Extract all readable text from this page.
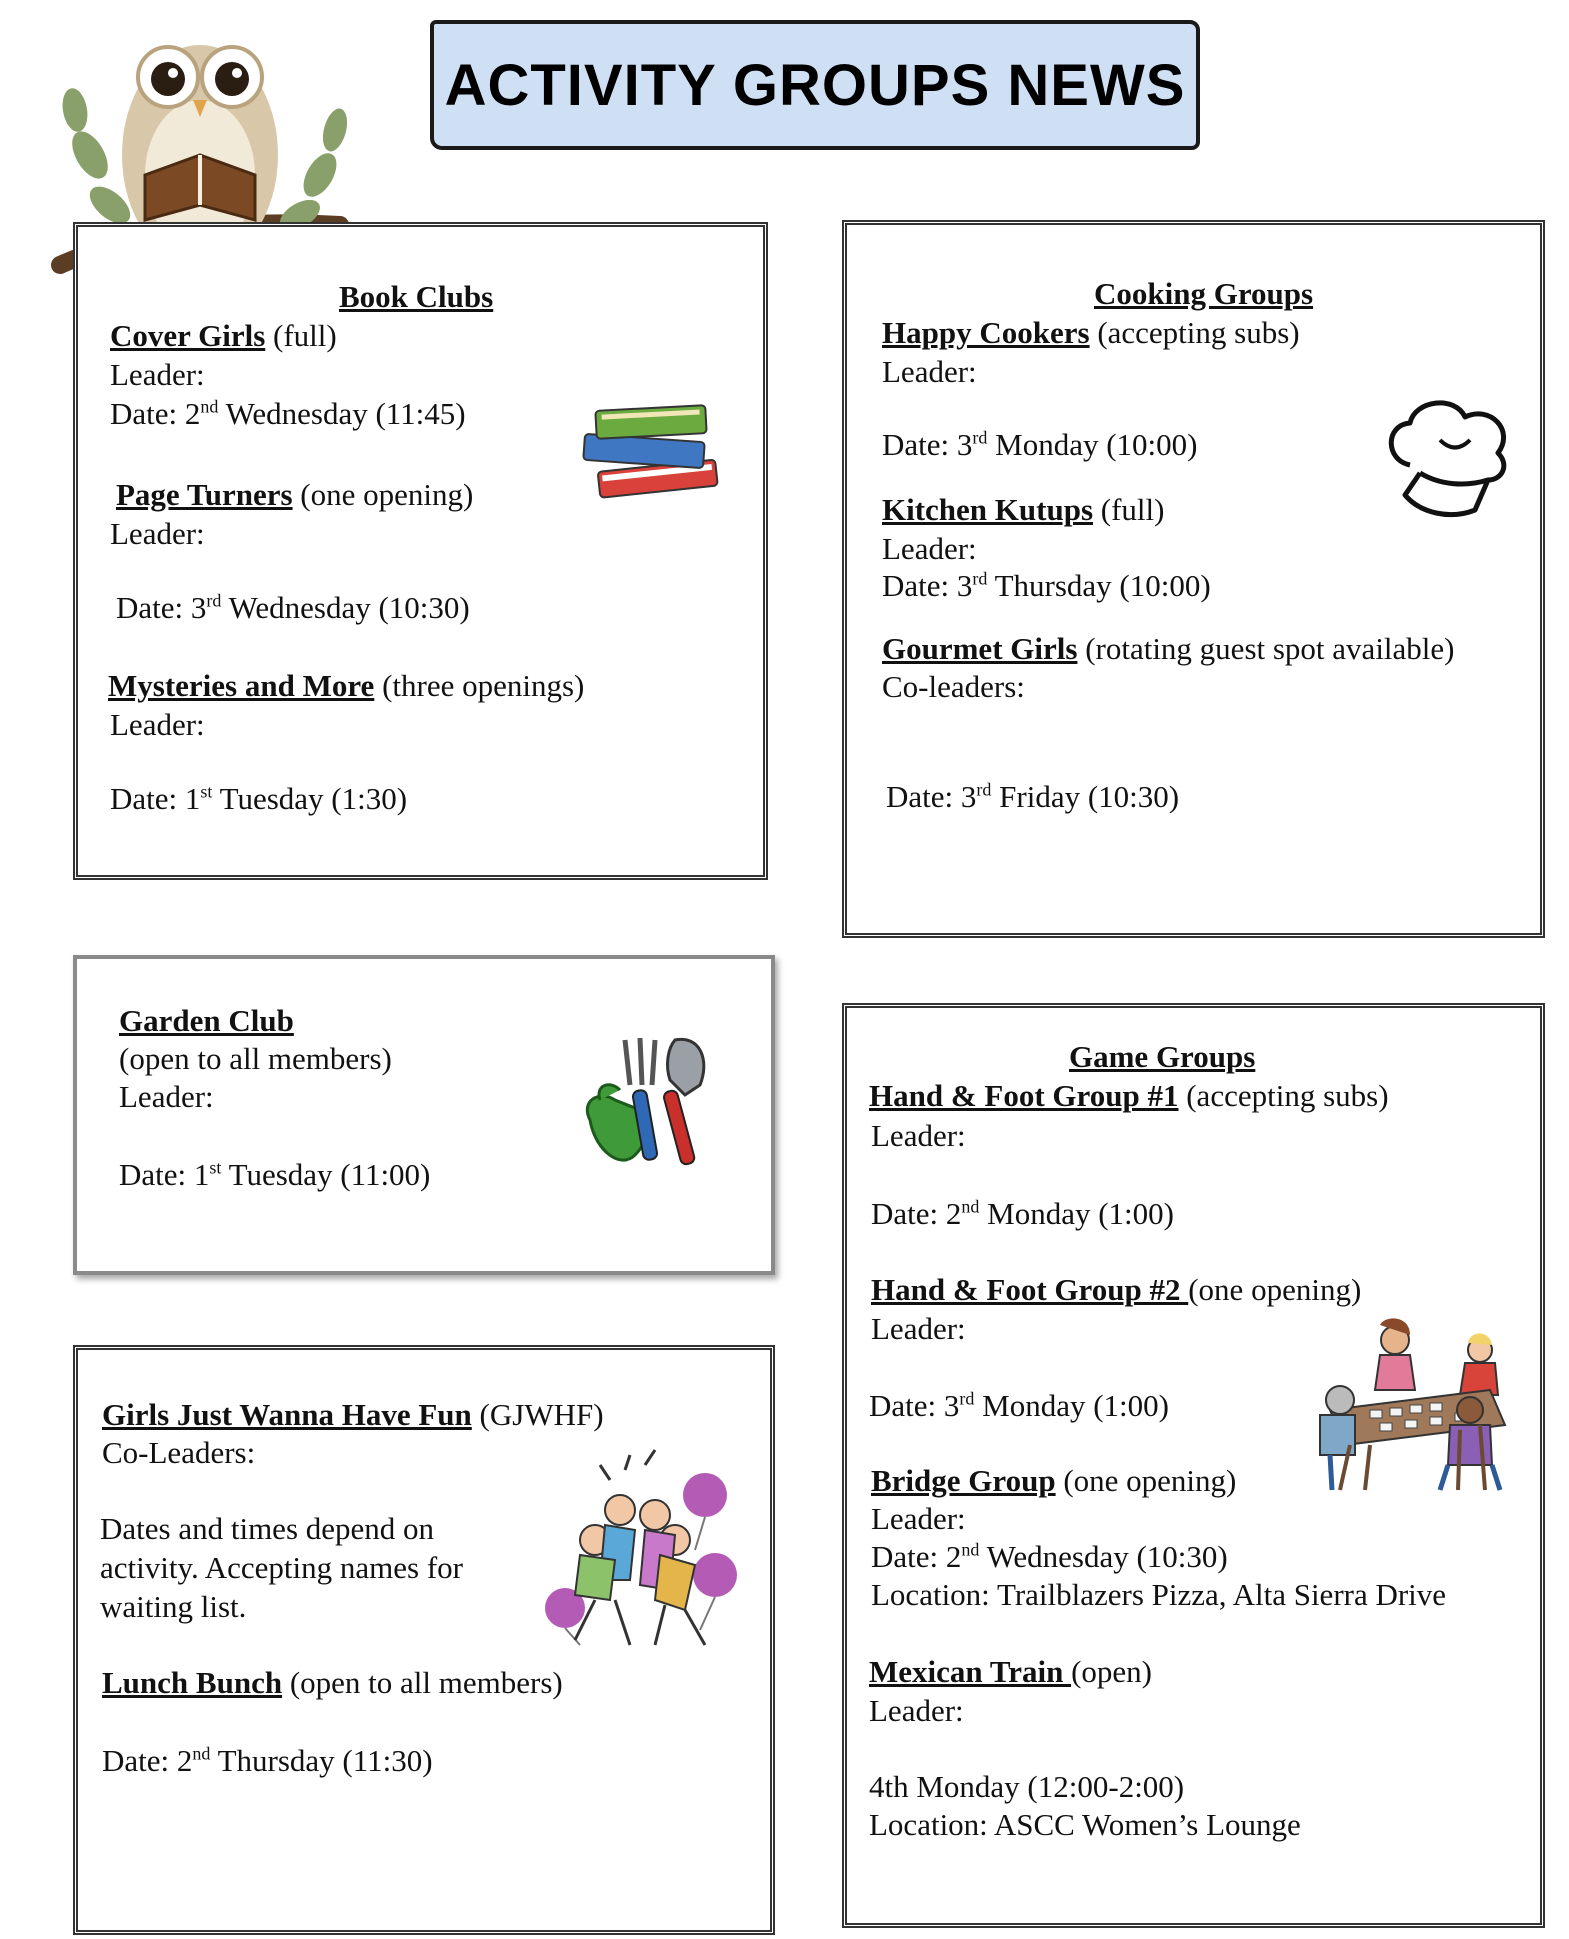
ACTIVITY GROUPS NEWS
Book Clubs
Cover Girls (full)
Leader:
Date: 2nd Wednesday (11:45)
Page Turners (one opening)
Leader:
Date: 3rd Wednesday (10:30)
Mysteries and More (three openings)
Leader:
Date: 1st Tuesday (1:30)
Cooking Groups
Happy Cookers (accepting subs)
Leader:
Date: 3rd Monday (10:00)
Kitchen Kutups (full)
Leader:
Date: 3rd Thursday (10:00)
Gourmet Girls (rotating guest spot available)
Co-leaders:
Date: 3rd Friday (10:30)
Garden Club
(open to all members)
Leader:
Date: 1st Tuesday (11:00)
Girls Just Wanna Have Fun (GJWHF)
Co-Leaders:
Dates and times depend on
activity. Accepting names for
waiting list.
Lunch Bunch (open to all members)
Date: 2nd Thursday (11:30)
Game Groups
Hand & Foot Group #1 (accepting subs)
Leader:
Date: 2nd Monday (1:00)
Hand & Foot Group #2 (one opening)
Leader:
Date: 3rd Monday (1:00)
Bridge Group (one opening)
Leader:
Date: 2nd Wednesday (10:30)
Location: Trailblazers Pizza, Alta Sierra Drive
Mexican Train (open)
Leader:
4th Monday (12:00-2:00)
Location: ASCC Women’s Lounge
